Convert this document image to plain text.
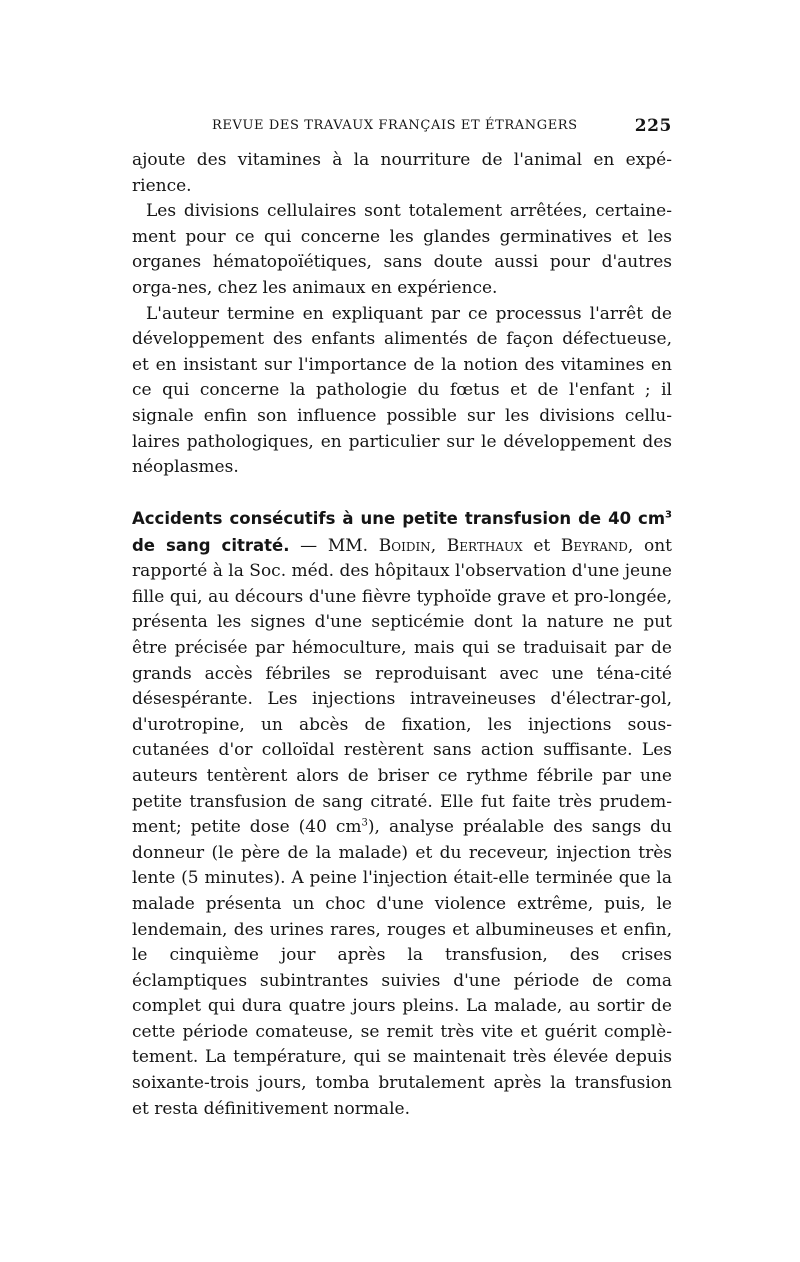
REVUE DES TRAVAUX FRANÇAIS ET ÉTRANGERS	225

ajoute des vitamines à la nourriture de l'animal en expé-rience.

Les divisions cellulaires sont totalement arrêtées, certaine-ment pour ce qui concerne les glandes germinatives et les organes hématopoïétiques, sans doute aussi pour d'autres orga-nes, chez les animaux en expérience.

L'auteur termine en expliquant par ce processus l'arrêt de développement des enfants alimentés de façon défectueuse, et en insistant sur l'importance de la notion des vitamines en ce qui concerne la pathologie du fœtus et de l'enfant ; il signale enfin son influence possible sur les divisions cellu-laires pathologiques, en particulier sur le développement des néoplasmes.

Accidents consécutifs à une petite transfusion de 40 $cm^3$ de sang citraté. — MM. Boidin, Berthaux et Beyrand, ont rapporté à la Soc. méd. des hôpitaux l'observation d'une jeune fille qui, au décours d'une fièvre typhoïde grave et pro-longée, présenta les signes d'une septicémie dont la nature ne put être précisée par hémoculture, mais qui se traduisait par de grands accès fébriles se reproduisant avec une téna-cité désespérante. Les injections intraveineuses d'électrar-gol, d'urotropine, un abcès de fixation, les injections sous-cutanées d'or colloïdal restèrent sans action suffisante. Les auteurs tentèrent alors de briser ce rythme fébrile par une petite transfusion de sang citraté. Elle fut faite très prudem-ment; petite dose (40 $cm^3$), analyse préalable des sangs du donneur (le père de la malade) et du receveur, injection très lente (5 minutes). A peine l'injection était-elle terminée que la malade présenta un choc d'une violence extrême, puis, le lendemain, des urines rares, rouges et albumineuses et enfin, le cinquième jour après la transfusion, des crises éclamptiques subintrantes suivies d'une période de coma complet qui dura quatre jours pleins. La malade, au sortir de cette période comateuse, se remit très vite et guérit complè-tement. La température, qui se maintenait très élevée depuis soixante-trois jours, tomba brutalement après la transfusion et resta définitivement normale.
